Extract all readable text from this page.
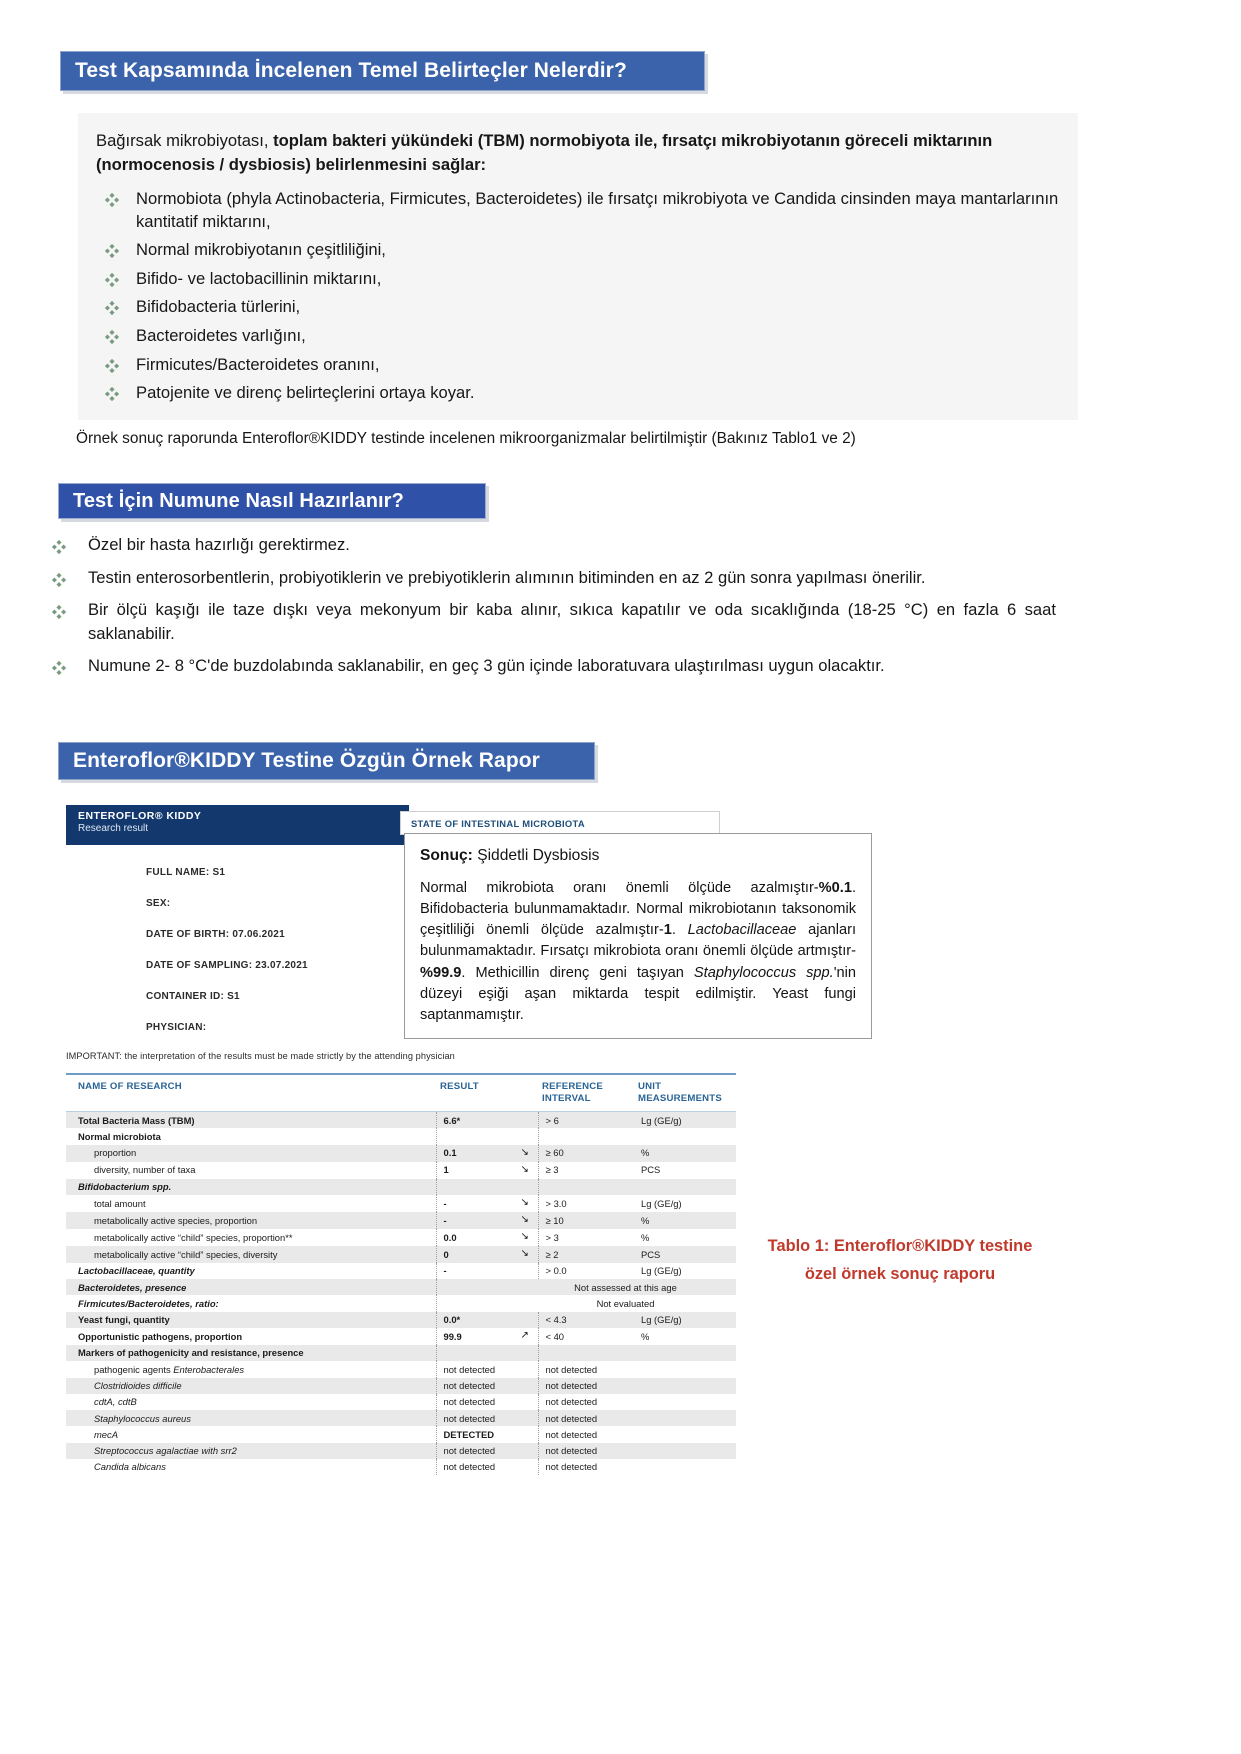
Test Kapsamında İncelenen Temel Belirteçler Nelerdir?

Bağırsak mikrobiyotası, toplam bakteri yükündeki (TBM) normobiyota ile, fırsatçı mikrobiyotanın göreceli miktarının (normocenosis / dysbiosis) belirlenmesini sağlar:

Normobiota (phyla Actinobacteria, Firmicutes, Bacteroidetes) ile fırsatçı mikrobiyota ve Candida cinsinden maya mantarlarının kantitatif miktarını,
Normal mikrobiyotanın çeşitliliğini,
Bifido- ve lactobacillinin miktarını,
Bifidobacteria türlerini,
Bacteroidetes varlığını,
Firmicutes/Bacteroidetes oranını,
Patojenite ve direnç belirteçlerini ortaya koyar.
Örnek sonuç raporunda Enteroflor®KIDDY testinde incelenen mikroorganizmalar belirtilmiştir (Bakınız Tablo1 ve 2)
Test İçin Numune Nasıl Hazırlanır?
Özel bir hasta hazırlığı gerektirmez.
Testin enterosorbentlerin, probiyotiklerin ve prebiyotiklerin alımının bitiminden en az 2 gün sonra yapılması önerilir.
Bir ölçü kaşığı ile taze dışkı veya mekonyum bir kaba alınır, sıkıca kapatılır ve oda sıcaklığında (18-25 °C) en fazla 6 saat saklanabilir.
Numune 2- 8 °C'de buzdolabında saklanabilir, en geç 3 gün içinde laboratuvara ulaştırılması uygun olacaktır.
Enteroflor®KIDDY Testine Özgün Örnek Rapor
ENTEROFLOR® KIDDY
Research result
FULL NAME: S1
SEX:
DATE OF BIRTH: 07.06.2021
DATE OF SAMPLING: 23.07.2021
CONTAINER ID: S1
PHYSICIAN:
STATE OF INTESTINAL MICROBIOTA
Sonuç: Şiddetli Dysbiosis
Normal mikrobiota oranı önemli ölçüde azalmıştır-%0.1. Bifidobacteria bulunmamaktadır. Normal mikrobiotanın taksonomik çeşitliliği önemli ölçüde azalmıştır-1. Lactobacillaceae ajanları bulunmamaktadır. Fırsatçı mikrobiota oranı önemli ölçüde artmıştır-%99.9. Methicillin direnç geni taşıyan Staphylococcus spp.'nin düzeyi eşiği aşan miktarda tespit edilmiştir. Yeast fungi saptanmamıştır.
IMPORTANT: the interpretation of the results must be made strictly by the attending physician
NAME OF RESEARCH	RESULT		REFERENCE
INTERVAL	UNIT
MEASUREMENTS
Total Bacteria Mass (TBM)	6.6*		> 6	Lg (GE/g)
Normal microbiota				
proportion	0.1	↘	≥ 60	%
diversity, number of taxa	1	↘	≥ 3	PCS
Bifidobacterium spp.				
total amount	-	↘	> 3.0	Lg (GE/g)
metabolically active species, proportion	-	↘	≥ 10	%
metabolically active “child” species, proportion**	0.0	↘	> 3	%
metabolically active “child” species, diversity	0	↘	≥ 2	PCS
Lactobacillaceae, quantity	-		> 0.0	Lg (GE/g)
Bacteroidetes, presence		Not assessed at this age		
Firmicutes/Bacteroidetes, ratio:		Not evaluated		
Yeast fungi, quantity	0.0*		< 4.3	Lg (GE/g)
Opportunistic pathogens, proportion	99.9	↗	< 40	%
Markers of pathogenicity and resistance, presence				
pathogenic agents Enterobacterales	not detected		not detected	
Clostridioides difficile	not detected		not detected	
cdtA, cdtB	not detected		not detected	
Staphylococcus aureus	not detected		not detected	
mecA	DETECTED		not detected	
Streptococcus agalactiae with srr2	not detected		not detected	
Candida albicans	not detected		not detected	
Tablo 1: Enteroflor®KIDDY testine
özel örnek sonuç raporu
